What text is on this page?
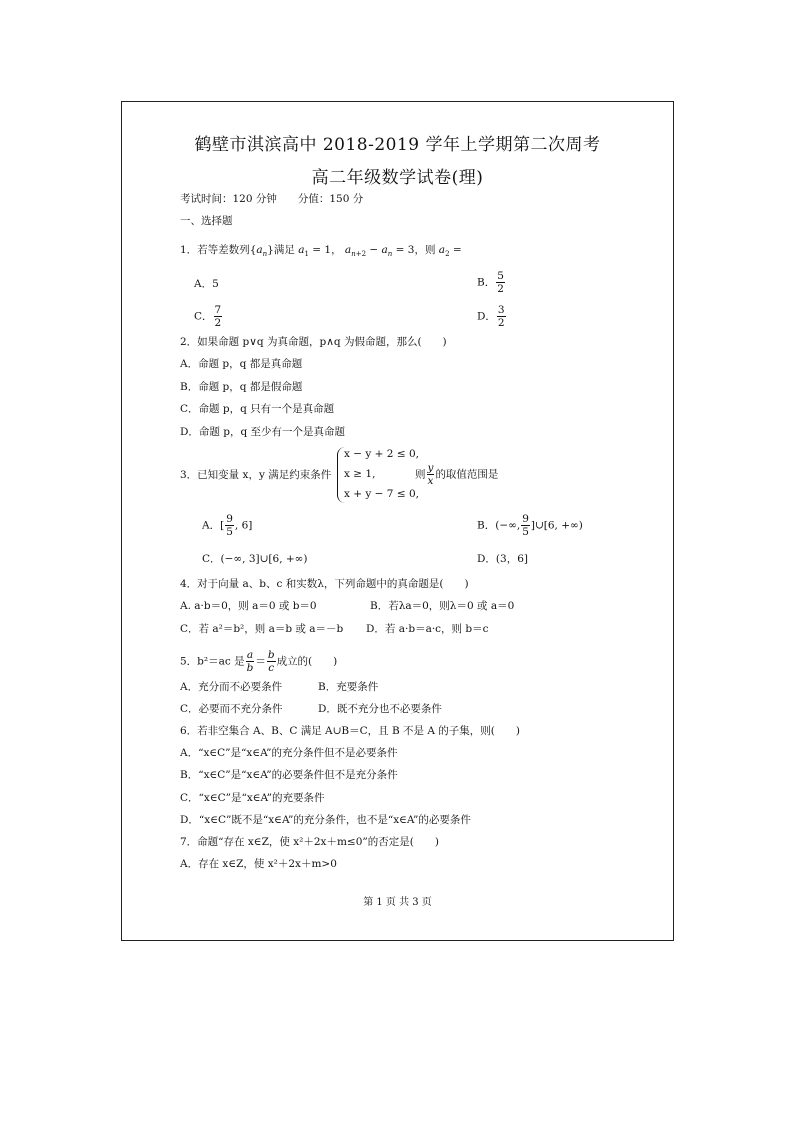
鹤壁市淇滨高中 2018-2019 学年上学期第二次周考
高二年级数学试卷(理)
考试时间：120 分钟　　分值：150 分
一、选择题
1．若等差数列$\{a_n\}$满足 $a_1 = 1$， $a_{n+2} - a_n = 3$，则 $a_2$ =
A．5	B． $\frac{5}{2}$
C． $\frac{7}{2}$	D． $\frac{3}{2}$
2．如果命题 p∨q 为真命题，p∧q 为假命题，那么(　　)
A．命题 p，q 都是真命题
B．命题 p，q 都是假命题
C．命题 p，q 只有一个是真命题
D．命题 p，q 至少有一个是真命题
3．已知变量 x，y 满足约束条件
x − y + 2 ≤ 0,
x ≥ 1,
x + y − 7 ≤ 0,
则 $\frac{y}{x}$ 的取值范围是
A．[ $\frac{9}{5}$ , 6]	B．(−∞, $\frac{9}{5}$ ]∪[6, +∞)
C．(−∞, 3]∪[6, +∞)	D．(3，6]
4．对于向量 a、b、c 和实数λ，下列命题中的真命题是(　　)
A. a·b＝0，则 a＝0 或 b＝0	B．若λa＝0，则λ＝0 或 a＝0
C．若 a²＝b²，则 a＝b 或 a＝－b D．若 a·b＝a·c，则 b＝c
5．b²＝ac 是 $\frac{a}{b} = \frac{b}{c}$ 成立的(　　)
A．充分而不必要条件	B．充要条件
C．必要而不充分条件	D．既不充分也不必要条件
6．若非空集合 A、B、C 满足 A∪B＝C，且 B 不是 A 的子集，则(　　)
A．“x∈C”是“x∈A”的充分条件但不是必要条件
B．“x∈C”是“x∈A”的必要条件但不是充分条件
C．“x∈C”是“x∈A”的充要条件
D．“x∈C”既不是“x∈A”的充分条件，也不是“x∈A”的必要条件
7．命题“存在 x∈Z，使 x²＋2x＋m≤0”的否定是(　　)
A．存在 x∈Z，使 x²＋2x＋m>0
第 1 页 共 3 页
